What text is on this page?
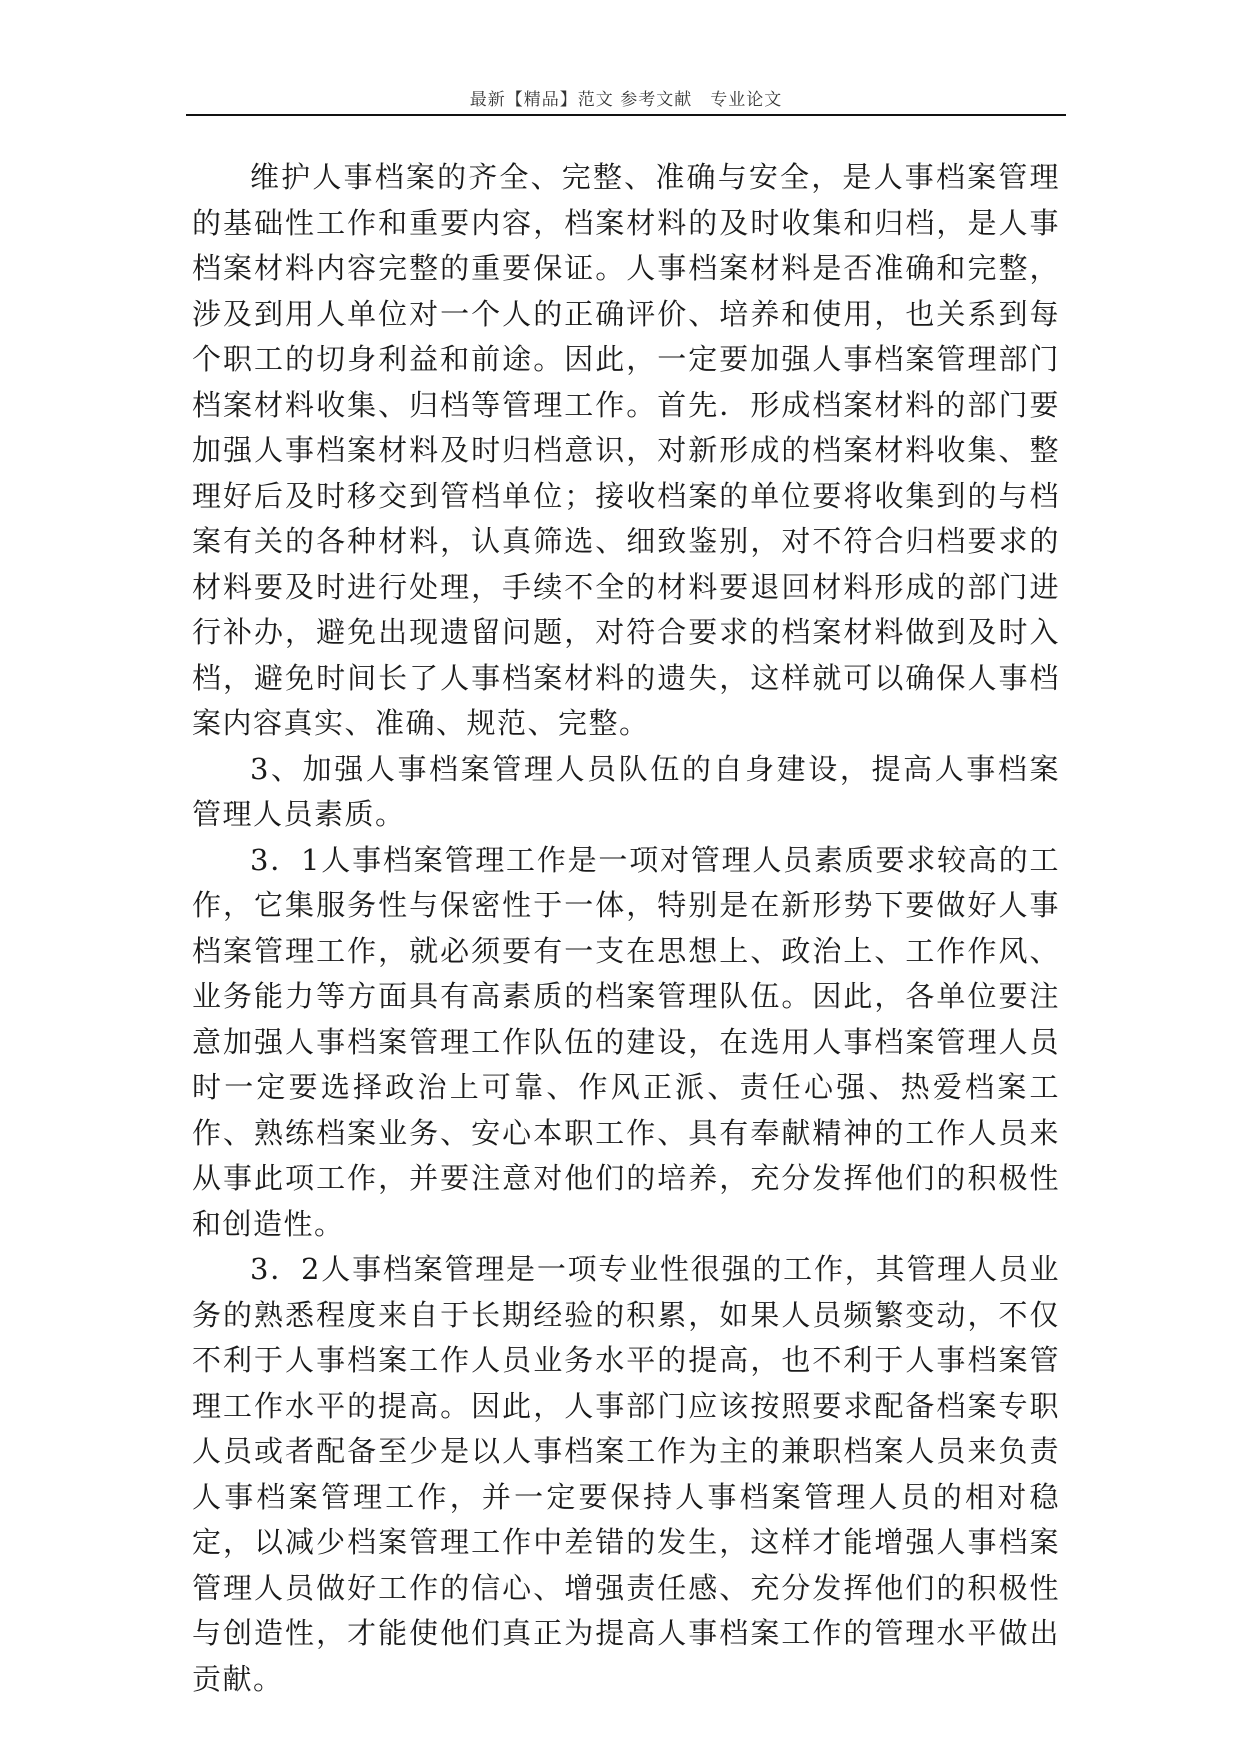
最新【精品】范文 参考文献　专业论文

维护人事档案的齐全、完整、准确与安全，是人事档案管理的基础性工作和重要内容，档案材料的及时收集和归档，是人事档案材料内容完整的重要保证。人事档案材料是否准确和完整，涉及到用人单位对一个人的正确评价、培养和使用，也关系到每个职工的切身利益和前途。因此，一定要加强人事档案管理部门档案材料收集、归档等管理工作。首先．形成档案材料的部门要加强人事档案材料及时归档意识，对新形成的档案材料收集、整理好后及时移交到管档单位；接收档案的单位要将收集到的与档案有关的各种材料，认真筛选、细致鉴别，对不符合归档要求的材料要及时进行处理，手续不全的材料要退回材料形成的部门进行补办，避免出现遗留问题，对符合要求的档案材料做到及时入档，避免时间长了人事档案材料的遗失，这样就可以确保人事档案内容真实、准确、规范、完整。

3、加强人事档案管理人员队伍的自身建设，提高人事档案管理人员素质。

3．1人事档案管理工作是一项对管理人员素质要求较高的工作，它集服务性与保密性于一体，特别是在新形势下要做好人事档案管理工作，就必须要有一支在思想上、政治上、工作作风、业务能力等方面具有高素质的档案管理队伍。因此，各单位要注意加强人事档案管理工作队伍的建设，在选用人事档案管理人员时一定要选择政治上可靠、作风正派、责任心强、热爱档案工作、熟练档案业务、安心本职工作、具有奉献精神的工作人员来从事此项工作，并要注意对他们的培养，充分发挥他们的积极性和创造性。

3．2人事档案管理是一项专业性很强的工作，其管理人员业务的熟悉程度来自于长期经验的积累，如果人员频繁变动，不仅不利于人事档案工作人员业务水平的提高，也不利于人事档案管理工作水平的提高。因此，人事部门应该按照要求配备档案专职人员或者配备至少是以人事档案工作为主的兼职档案人员来负责人事档案管理工作，并一定要保持人事档案管理人员的相对稳定，以减少档案管理工作中差错的发生，这样才能增强人事档案管理人员做好工作的信心、增强责任感、充分发挥他们的积极性与创造性，才能使他们真正为提高人事档案工作的管理水平做出贡献。
